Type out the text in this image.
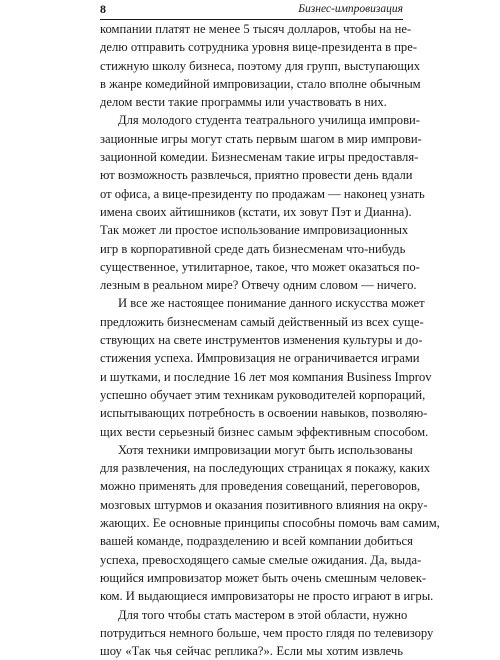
8	Бизнес-импровизация
компании платят не менее 5 тысяч долларов, чтобы на не-
делю отправить сотрудника уровня вице-президента в пре-
стижную школу бизнеса, поэтому для групп, выступающих
в жанре комедийной импровизации, стало вполне обычным
делом вести такие программы или участвовать в них.
Для молодого студента театрального училища импрови-
зационные игры могут стать первым шагом в мир импрови-
зационной комедии. Бизнесменам такие игры предоставля-
ют возможность развлечься, приятно провести день вдали
от офиса, а вице-президенту по продажам — наконец узнать
имена своих айтишников (кстати, их зовут Пэт и Дианна).
Так может ли простое использование импровизационных
игр в корпоративной среде дать бизнесменам что-нибудь
существенное, утилитарное, такое, что может оказаться по-
лезным в реальном мире? Отвечу одним словом — ничего.
И все же настоящее понимание данного искусства может
предложить бизнесменам самый действенный из всех суще-
ствующих на свете инструментов изменения культуры и до-
стижения успеха. Импровизация не ограничивается играми
и шутками, и последние 16 лет моя компания Business Improv
успешно обучает этим техникам руководителей корпораций,
испытывающих потребность в освоении навыков, позволяю-
щих вести серьезный бизнес самым эффективным способом.
Хотя техники импровизации могут быть использованы
для развлечения, на последующих страницах я покажу, каких
можно применять для проведения совещаний, переговоров,
мозговых штурмов и оказания позитивного влияния на окру-
жающих. Ее основные принципы способны помочь вам самим,
вашей команде, подразделению и всей компании добиться
успеха, превосходящего самые смелые ожидания. Да, выда-
ющийся импровизатор может быть очень смешным человек-
ком. И выдающиеся импровизаторы не просто играют в игры.
Для того чтобы стать мастером в этой области, нужно
потрудиться немного больше, чем просто глядя по телевизору
шоу «Так чья сейчас реплика?». Если мы хотим извлечь
